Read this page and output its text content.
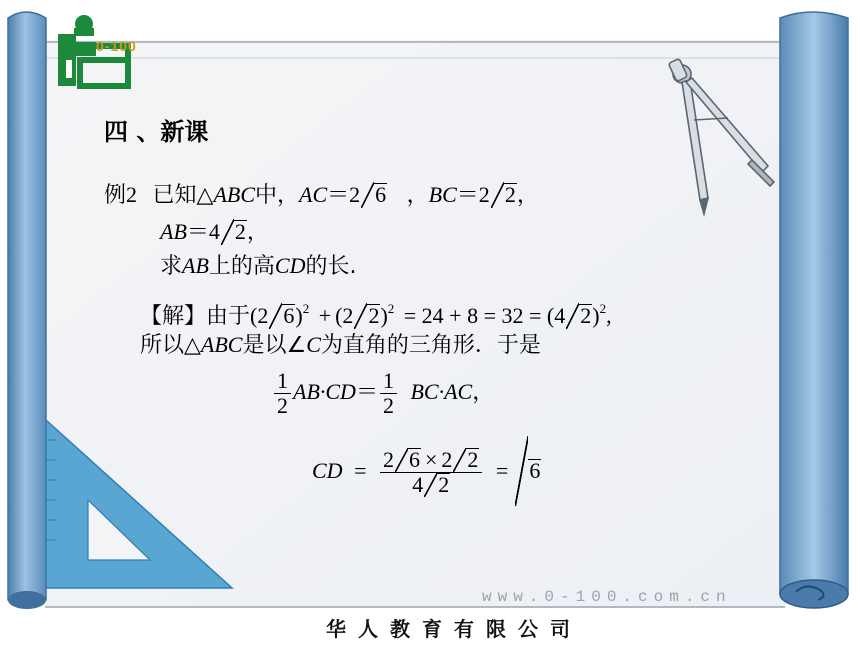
0-100
四 、新课
例2 已知△ABC中，AC＝2 6 ，BC＝2 2，
AB＝4 2，
求AB上的高CD的长.
【解】由于(2 6)$^2$ + (2 2)$^2$ = 24 + 8 = 32 = (4 2)$^2$,
所以△ABC是以∠C为直角的三角形．于是
$\frac{1}{2} AB\cdot CD= \frac{1}{2} BC\cdot AC$，
CD = $\frac{2 6 \times 2 2}{4 2} = 6$
www.0-100.com.cn
华人教育有限公司
